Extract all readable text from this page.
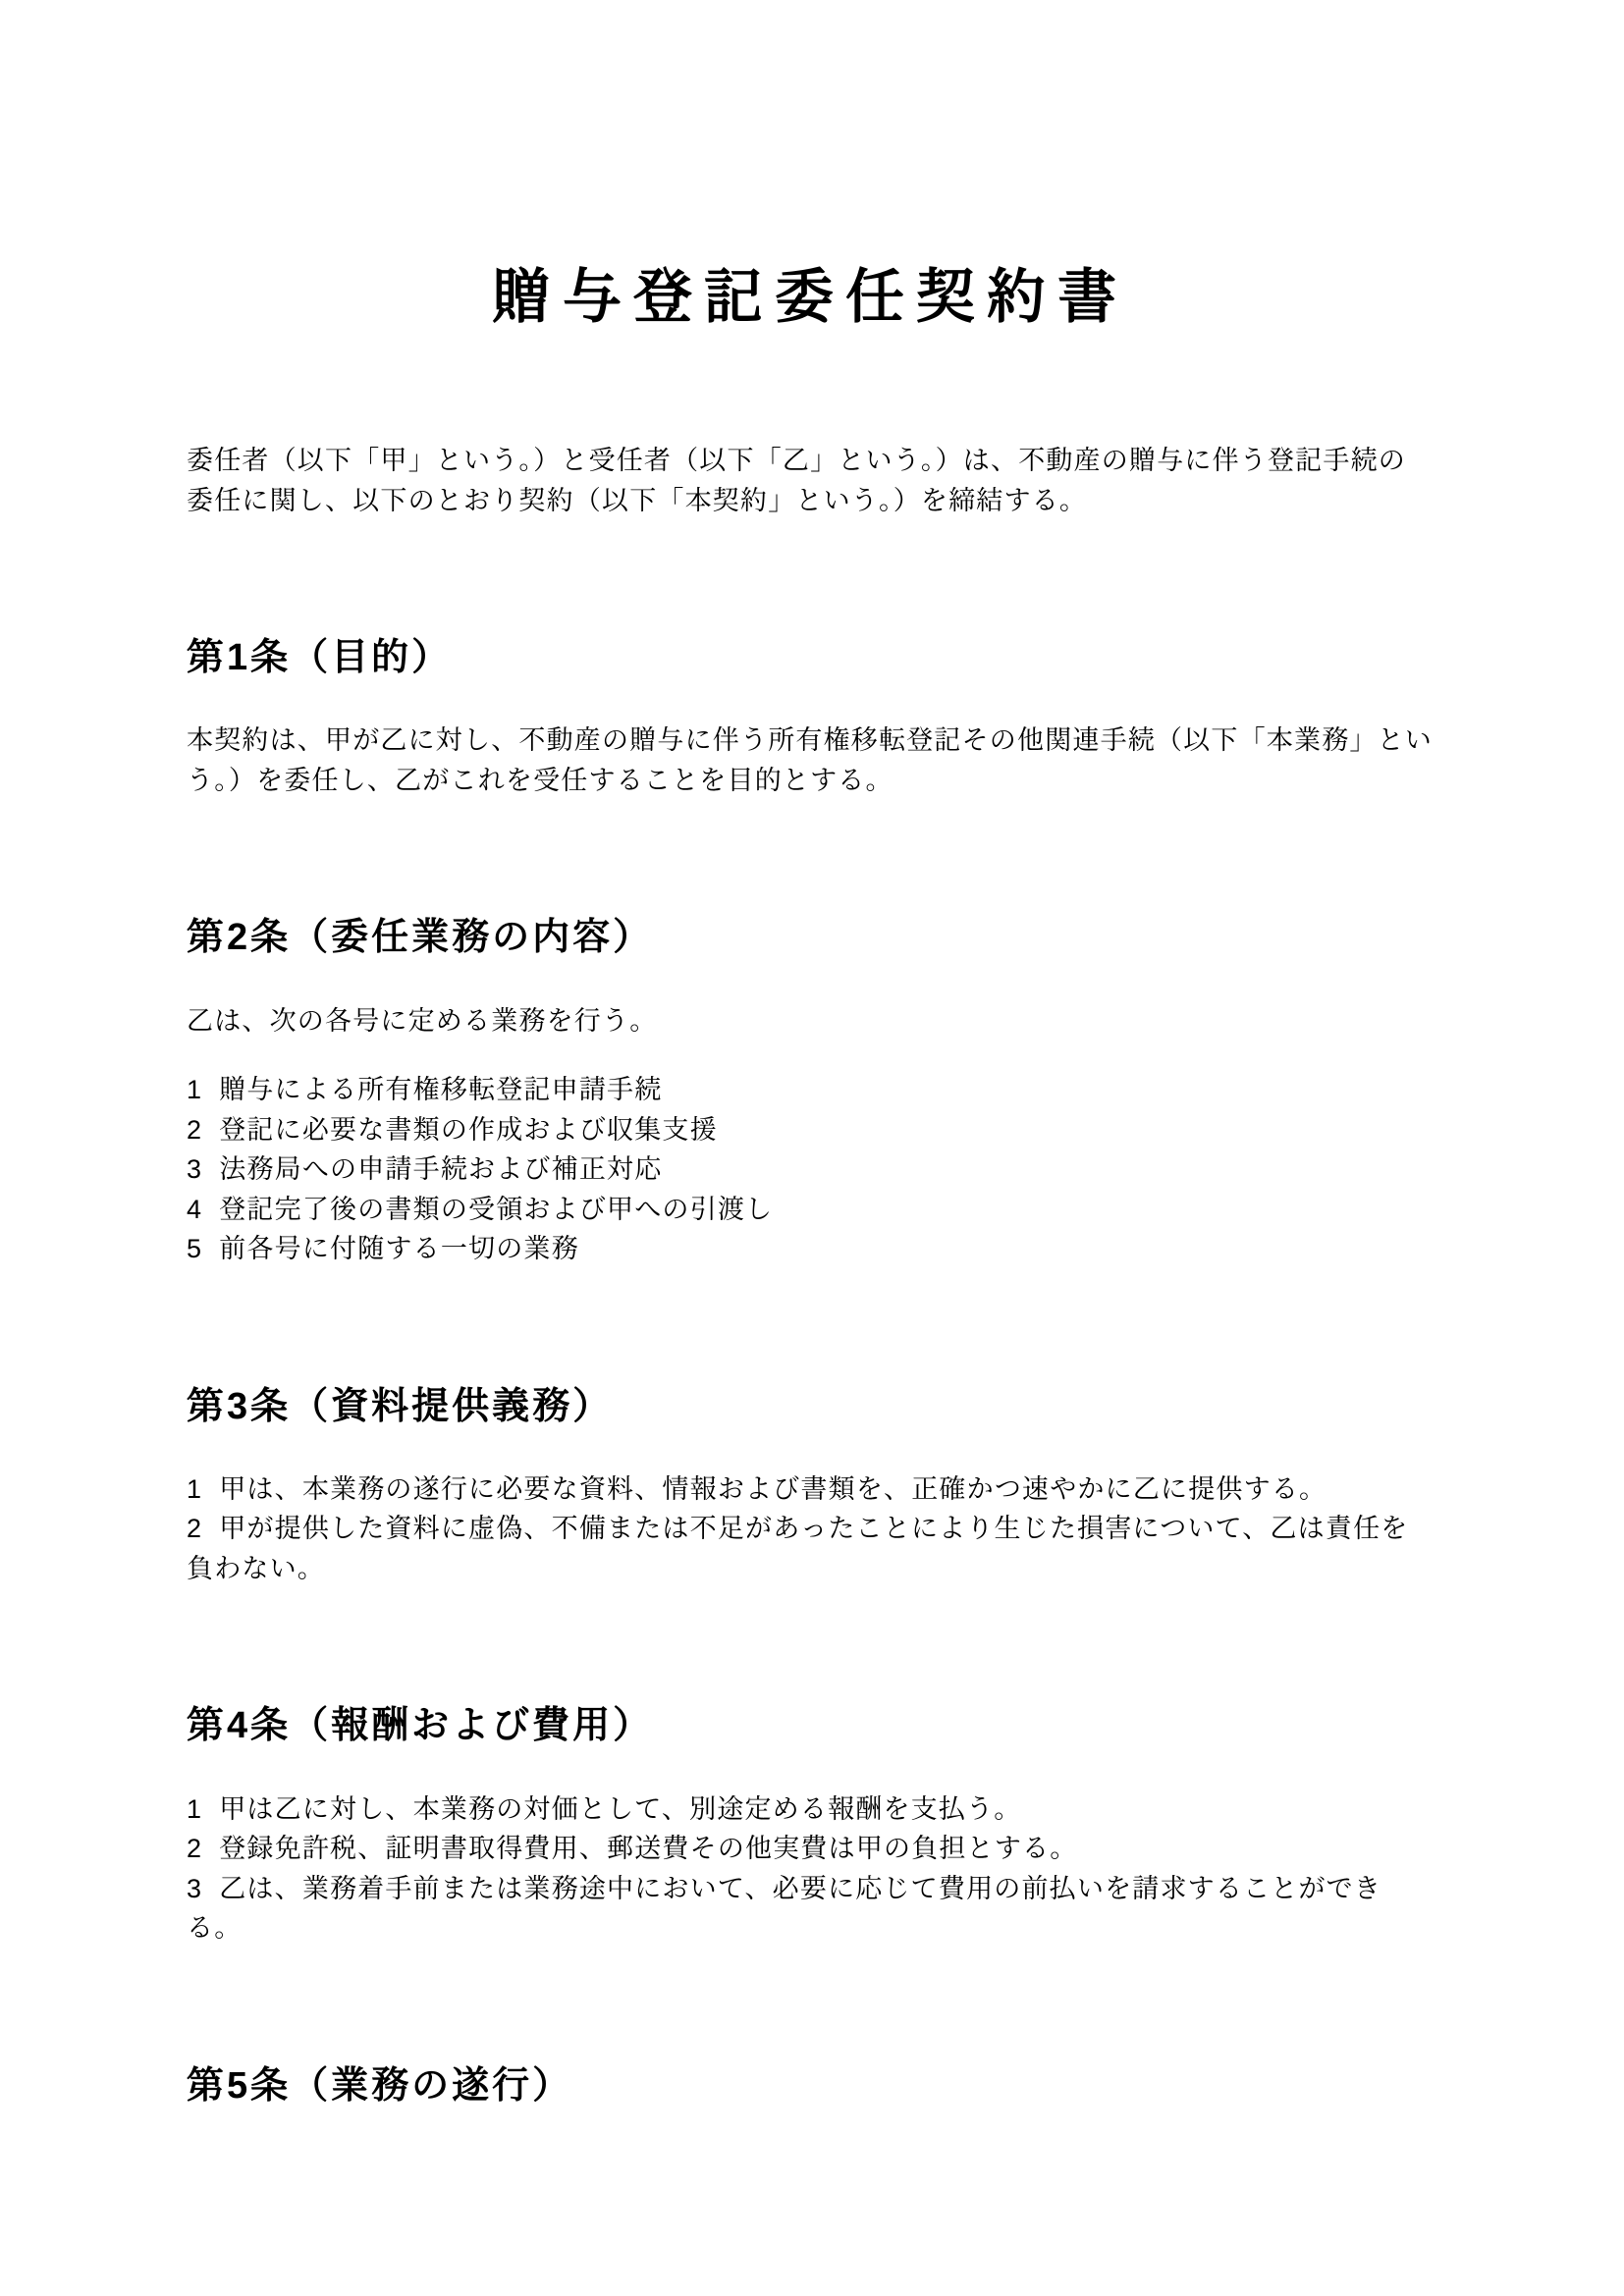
贈与登記委任契約書

委任者（以下「甲」という。）と受任者（以下「乙」という。）は、不動産の贈与に伴う登記手続の委任に関し、以下のとおり契約（以下「本契約」という。）を締結する。

第1条（目的）

本契約は、甲が乙に対し、不動産の贈与に伴う所有権移転登記その他関連手続（以下「本業務」という。）を委任し、乙がこれを受任することを目的とする。

第2条（委任業務の内容）

乙は、次の各号に定める業務を行う。

1 贈与による所有権移転登記申請手続

2 登記に必要な書類の作成および収集支援

3 法務局への申請手続および補正対応

4 登記完了後の書類の受領および甲への引渡し

5 前各号に付随する一切の業務

第3条（資料提供義務）

1 甲は、本業務の遂行に必要な資料、情報および書類を、正確かつ速やかに乙に提供する。

2 甲が提供した資料に虚偽、不備または不足があったことにより生じた損害について、乙は責任を負わない。

第4条（報酬および費用）

1 甲は乙に対し、本業務の対価として、別途定める報酬を支払う。

2 登録免許税、証明書取得費用、郵送費その他実費は甲の負担とする。

3 乙は、業務着手前または業務途中において、必要に応じて費用の前払いを請求することができる。

第5条（業務の遂行）
